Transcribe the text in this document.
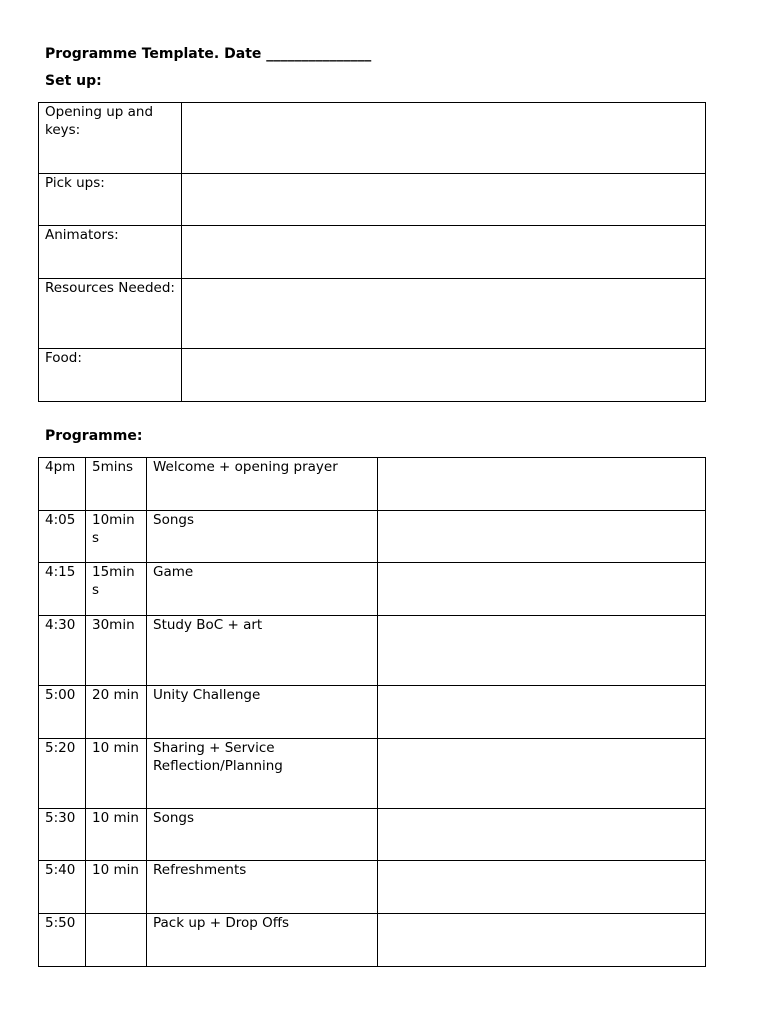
Programme Template. Date _______________
Set up:
Opening up and keys:	

Pick ups:	

Animators:	

Resources Needed:	

Food:	

Programme:
4pm	5mins	Welcome + opening prayer	

4:05	10mins	Songs	

4:15	15mins	Game	

4:30	30min	Study BoC + art	

5:00	20 min	Unity Challenge	

5:20	10 min	Sharing + Service
Reflection/Planning	

5:30	10 min	Songs	

5:40	10 min	Refreshments	

5:50		Pack up + Drop Offs	
